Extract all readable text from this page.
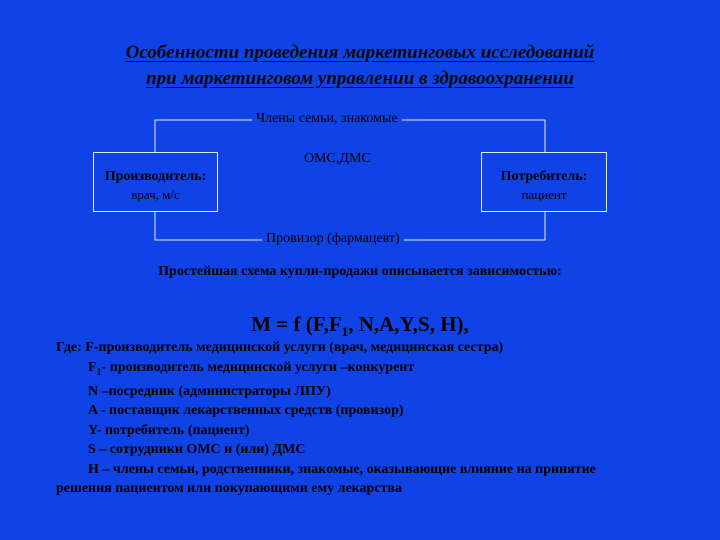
Особенности проведения маркетинговых исследований
при маркетинговом управлении в здравоохранении
Члены семьи, знакомые
ОМС,ДМС
Провизор (фармацевт)
Производитель:
врач, м/с
Потребитель:
пациент
Простейшая схема купли-продажи описывается зависимостью:
M = f ($F,F_1$, N,A,Y,S, H),
Где: F-производитель медицинской услуги (врач, медицинская сестра)
$F_1-$ производитель медицинской услуги –конкурент
N –посредник (администраторы ЛПУ)
A - поставщик лекарственных средств (провизор)
Y- потребитель (пациент)
S – сотрудники ОМС и (или) ДМС
H – члены семьи, родственники, знакомые, оказывающие влияние на принятие
решения пациентом или покупающими ему лекарства
